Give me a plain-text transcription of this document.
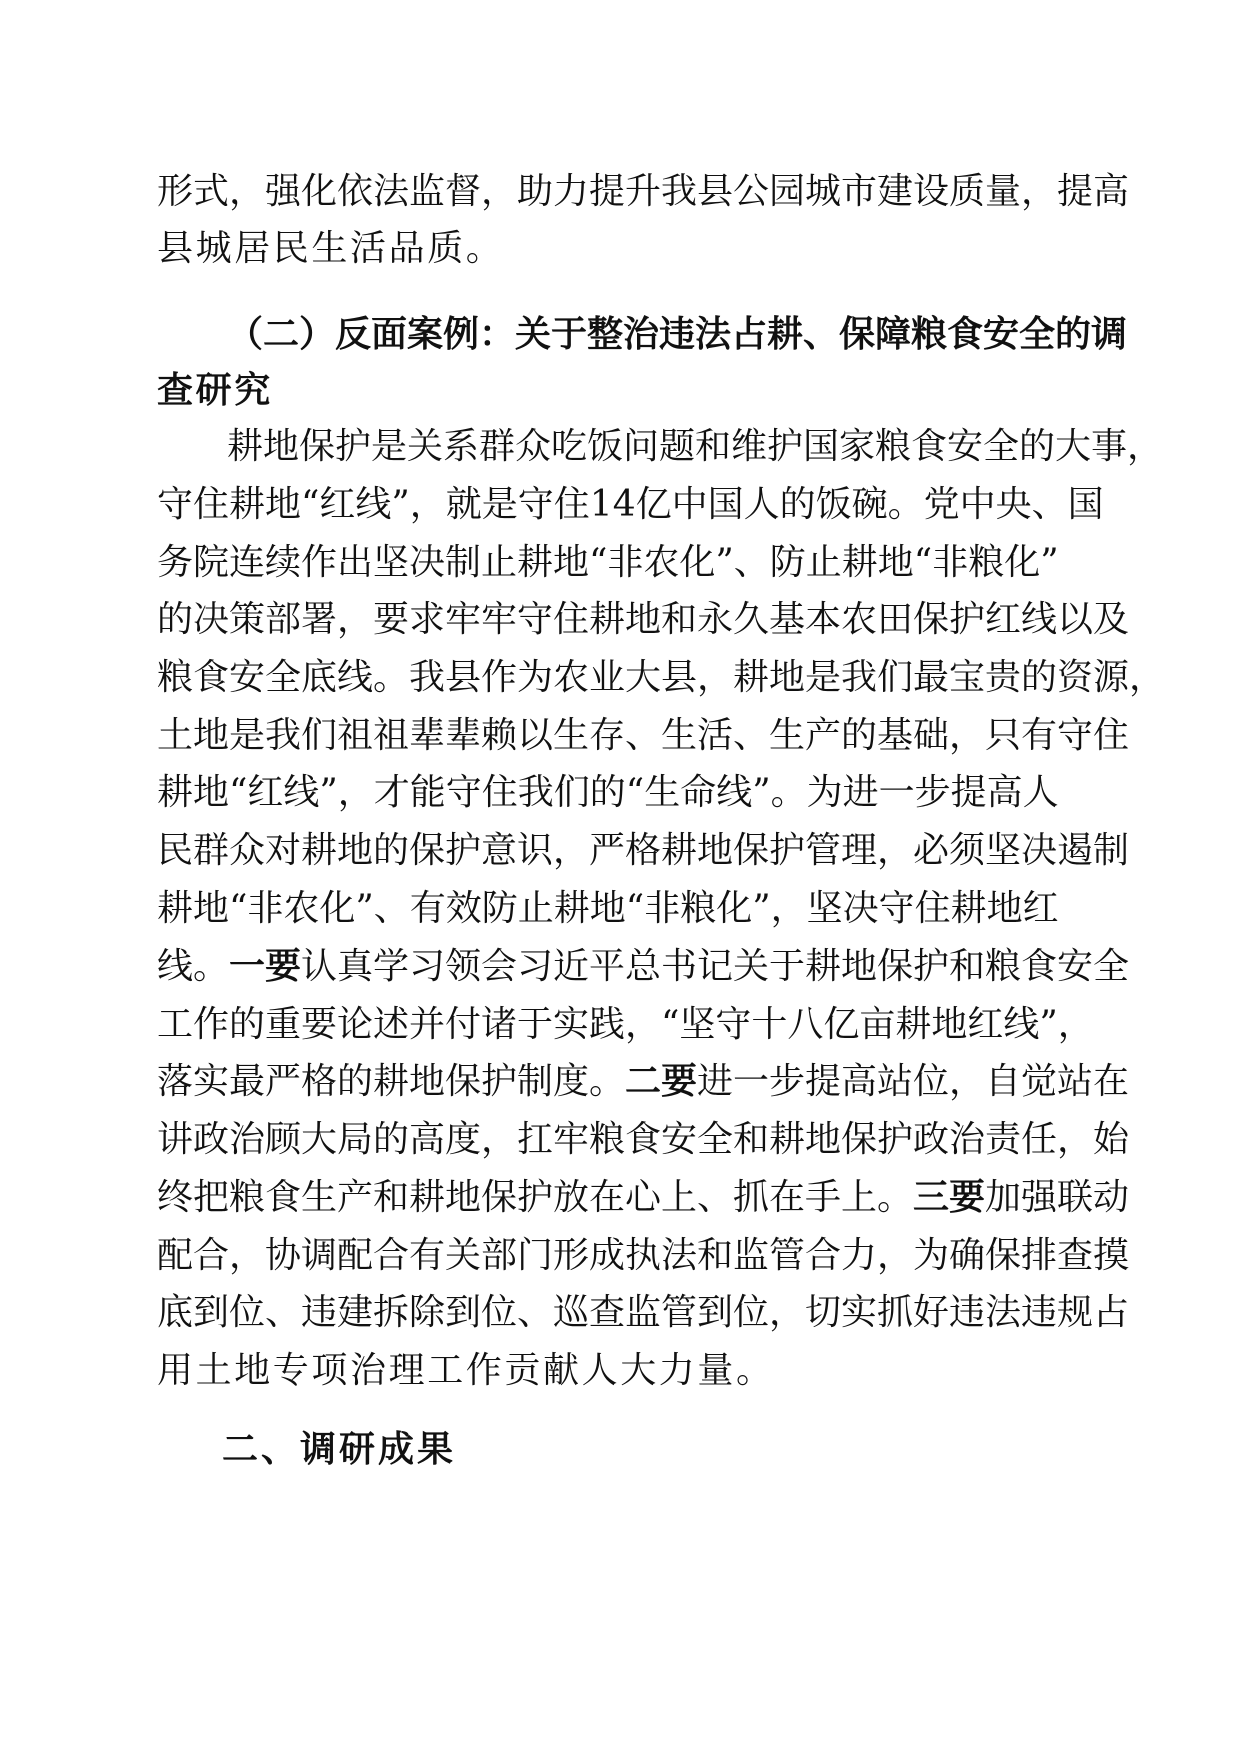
形式，强化依法监督，助力提升我县公园城市建设质量，提高
县城居民生活品质。
（二）反面案例：关于整治违法占耕、保障粮食安全的调
查研究
耕地保护是关系群众吃饭问题和维护国家粮食安全的大事，
守住耕地“红线”，就是守住14亿中国人的饭碗。党中央、国
务院连续作出坚决制止耕地“非农化”、防止耕地“非粮化”
的决策部署，要求牢牢守住耕地和永久基本农田保护红线以及
粮食安全底线。我县作为农业大县，耕地是我们最宝贵的资源，
土地是我们祖祖辈辈赖以生存、生活、生产的基础，只有守住
耕地“红线”，才能守住我们的“生命线”。为进一步提高人
民群众对耕地的保护意识，严格耕地保护管理，必须坚决遏制
耕地“非农化”、有效防止耕地“非粮化”，坚决守住耕地红
线。一要认真学习领会习近平总书记关于耕地保护和粮食安全
工作的重要论述并付诸于实践，“坚守十八亿亩耕地红线”，
落实最严格的耕地保护制度。二要进一步提高站位，自觉站在
讲政治顾大局的高度，扛牢粮食安全和耕地保护政治责任，始
终把粮食生产和耕地保护放在心上、抓在手上。三要加强联动
配合，协调配合有关部门形成执法和监管合力，为确保排查摸
底到位、违建拆除到位、巡查监管到位，切实抓好违法违规占
用土地专项治理工作贡献人大力量。
二、调研成果
